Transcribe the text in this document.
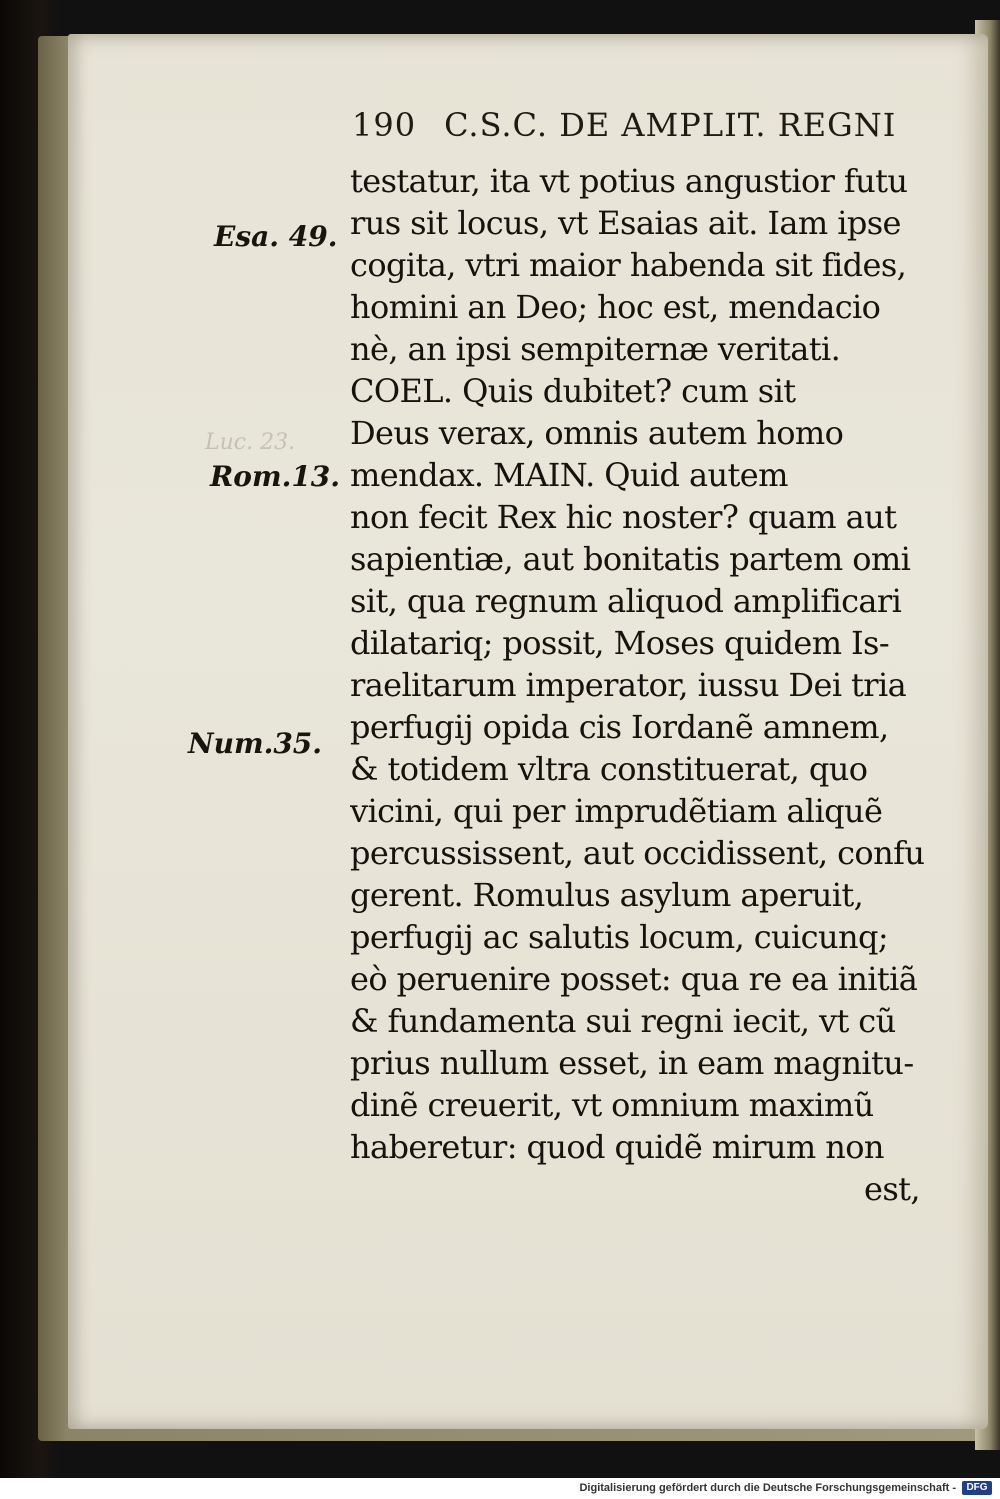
Luc. 23.
190 C.S.C. DE AMPLIT. REGNI
Esa. 49.
Rom.13.
Num.35.
testatur, ita vt potius angustior futu
rus sit locus, vt Esaias ait. Iam ipse
cogita, vtri maior habenda sit fides,
homini an Deo; hoc est, mendacio
nè, an ipsi sempiternæ veritati.
COEL. Quis dubitet? cum sit
Deus verax, omnis autem homo
mendax. MAIN. Quid autem
non fecit Rex hic noster? quam aut
sapientiæ, aut bonitatis partem omi
sit, qua regnum aliquod amplificari
dilatariq; possit, Moses quidem Is-
raelitarum imperator, iussu Dei tria
perfugij opida cis Iordanẽ amnem,
& totidem vltra constituerat, quo
vicini, qui per imprudẽtiam aliquẽ
percussissent, aut occidissent, confu
gerent. Romulus asylum aperuit,
perfugij ac salutis locum, cuicunq;
eò peruenire posset: qua re ea initiã
& fundamenta sui regni iecit, vt cũ
prius nullum esset, in eam magnitu-
dinẽ creuerit, vt omnium maximũ
haberetur: quod quidẽ mirum non
est,
Digitalisierung gefördert durch die Deutsche Forschungsgemeinschaft -	DFG
